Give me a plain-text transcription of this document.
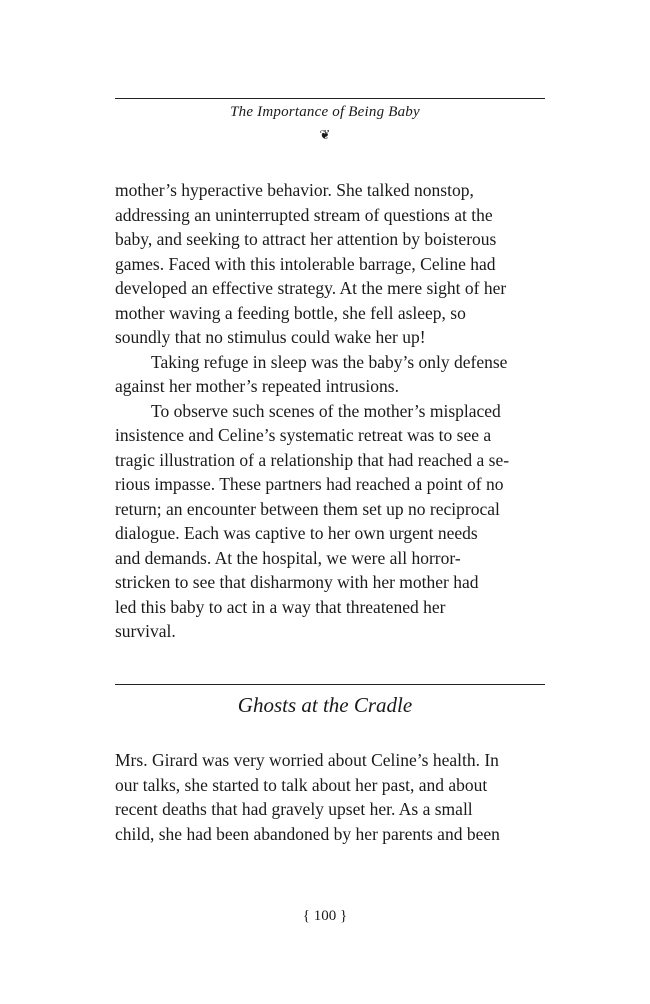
The Importance of Being Baby
❦

mother’s hyperactive behavior. She talked nonstop,
addressing an uninterrupted stream of questions at the
baby, and seeking to attract her attention by boisterous
games. Faced with this intolerable barrage, Celine had
developed an effective strategy. At the mere sight of her
mother waving a feeding bottle, she fell asleep, so
soundly that no stimulus could wake her up!

Taking refuge in sleep was the baby’s only defense

against her mother’s repeated intrusions.

To observe such scenes of the mother’s misplaced

insistence and Celine’s systematic retreat was to see a
tragic illustration of a relationship that had reached a se-
rious impasse. These partners had reached a point of no
return; an encounter between them set up no reciprocal
dialogue. Each was captive to her own urgent needs
and demands. At the hospital, we were all horror-
stricken to see that disharmony with her mother had
led this baby to act in a way that threatened her
survival.

Ghosts at the Cradle

Mrs. Girard was very worried about Celine’s health. In
our talks, she started to talk about her past, and about
recent deaths that had gravely upset her. As a small
child, she had been abandoned by her parents and been

{ 100 }
